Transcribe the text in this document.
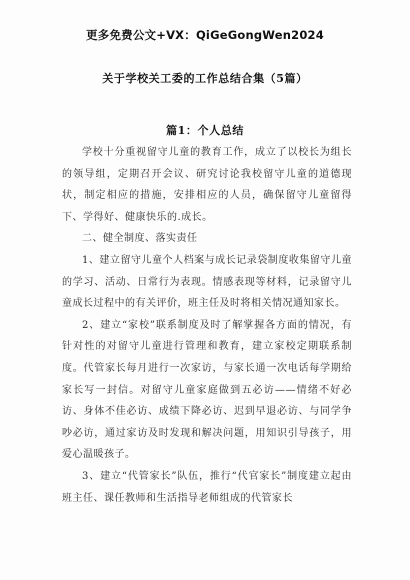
更多免费公文+VX：QiGeGongWen2024
关于学校关工委的工作总结合集（5篇）
篇1：个人总结

学校十分重视留守儿童的教育工作，成立了以校长为组长的领导组，定期召开会议、研究讨论我校留守儿童的道德现状，制定相应的措施，安排相应的人员，确保留守儿童留得下、学得好、健康快乐的.成长。

二、健全制度、落实责任

1、建立留守儿童个人档案与成长记录袋制度收集留守儿童的学习、活动、日常行为表现。情感表现等材料，记录留守儿童成长过程中的有关评价，班主任及时将相关情况通知家长。

2、建立“家校”联系制度及时了解掌握各方面的情况，有针对性的对留守儿童进行管理和教育，建立家校定期联系制度。代管家长每月进行一次家访，与家长通一次电话每学期给家长写一封信。对留守儿童家庭做到五必访——情绪不好必访、身体不佳必访、成绩下降必访、迟到早退必访、与同学争吵必访，通过家访及时发现和解决问题，用知识引导孩子，用爱心温暖孩子。

3、建立“代管家长”队伍，推行“代官家长”制度建立起由班主任、课任教师和生活指导老师组成的代管家长
